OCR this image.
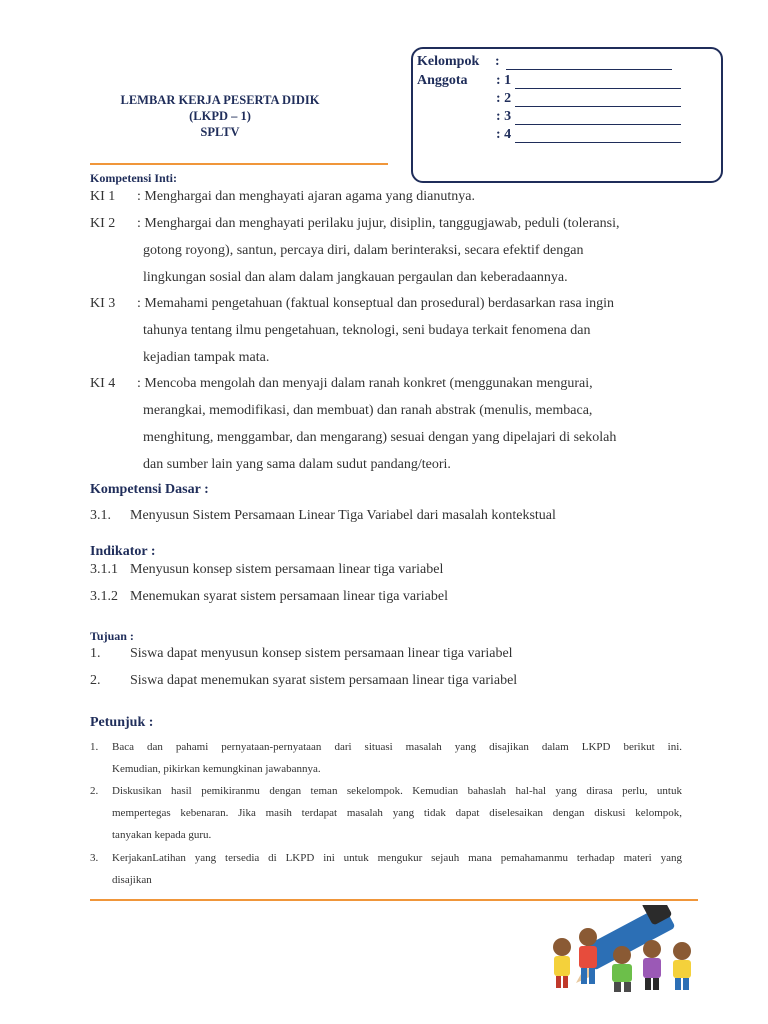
LEMBAR KERJA PESERTA DIDIK
(LKPD – 1)
SPLTV
Kelompok :
Anggota : 1
: 2
: 3
: 4
Kompetensi Inti:
KI 1 : Menghargai dan menghayati ajaran agama yang dianutnya.
KI 2 : Menghargai dan menghayati perilaku jujur, disiplin, tanggugjawab, peduli (toleransi,
gotong royong), santun, percaya diri, dalam berinteraksi, secara efektif dengan
lingkungan sosial dan alam dalam jangkauan pergaulan dan keberadaannya.
KI 3 : Memahami pengetahuan (faktual konseptual dan prosedural) berdasarkan rasa ingin
tahunya tentang ilmu pengetahuan, teknologi, seni budaya terkait fenomena dan
kejadian tampak mata.
KI 4 : Mencoba mengolah dan menyaji dalam ranah konkret (menggunakan mengurai,
merangkai, memodifikasi, dan membuat) dan ranah abstrak (menulis, membaca,
menghitung, menggambar, dan mengarang) sesuai dengan yang dipelajari di sekolah
dan sumber lain yang sama dalam sudut pandang/teori.
Kompetensi Dasar :
3.1. Menyusun Sistem Persamaan Linear Tiga Variabel dari masalah kontekstual
Indikator :
3.1.1 Menyusun konsep sistem persamaan linear tiga variabel
3.1.2 Menemukan syarat sistem persamaan linear tiga variabel
Tujuan :
1. Siswa dapat menyusun konsep sistem persamaan linear tiga variabel
2. Siswa dapat menemukan syarat sistem persamaan linear tiga variabel
Petunjuk :
1. Baca dan pahami pernyataan-pernyataan dari situasi masalah yang disajikan dalam LKPD berikut ini.
Kemudian, pikirkan kemungkinan jawabannya.
2. Diskusikan hasil pemikiranmu dengan teman sekelompok. Kemudian bahaslah hal-hal yang dirasa perlu, untuk
mempertegas kebenaran. Jika masih terdapat masalah yang tidak dapat diselesaikan dengan diskusi kelompok,
tanyakan kepada guru.
3. KerjakanLatihan yang tersedia di LKPD ini untuk mengukur sejauh mana pemahamanmu terhadap materi yang
disajikan
